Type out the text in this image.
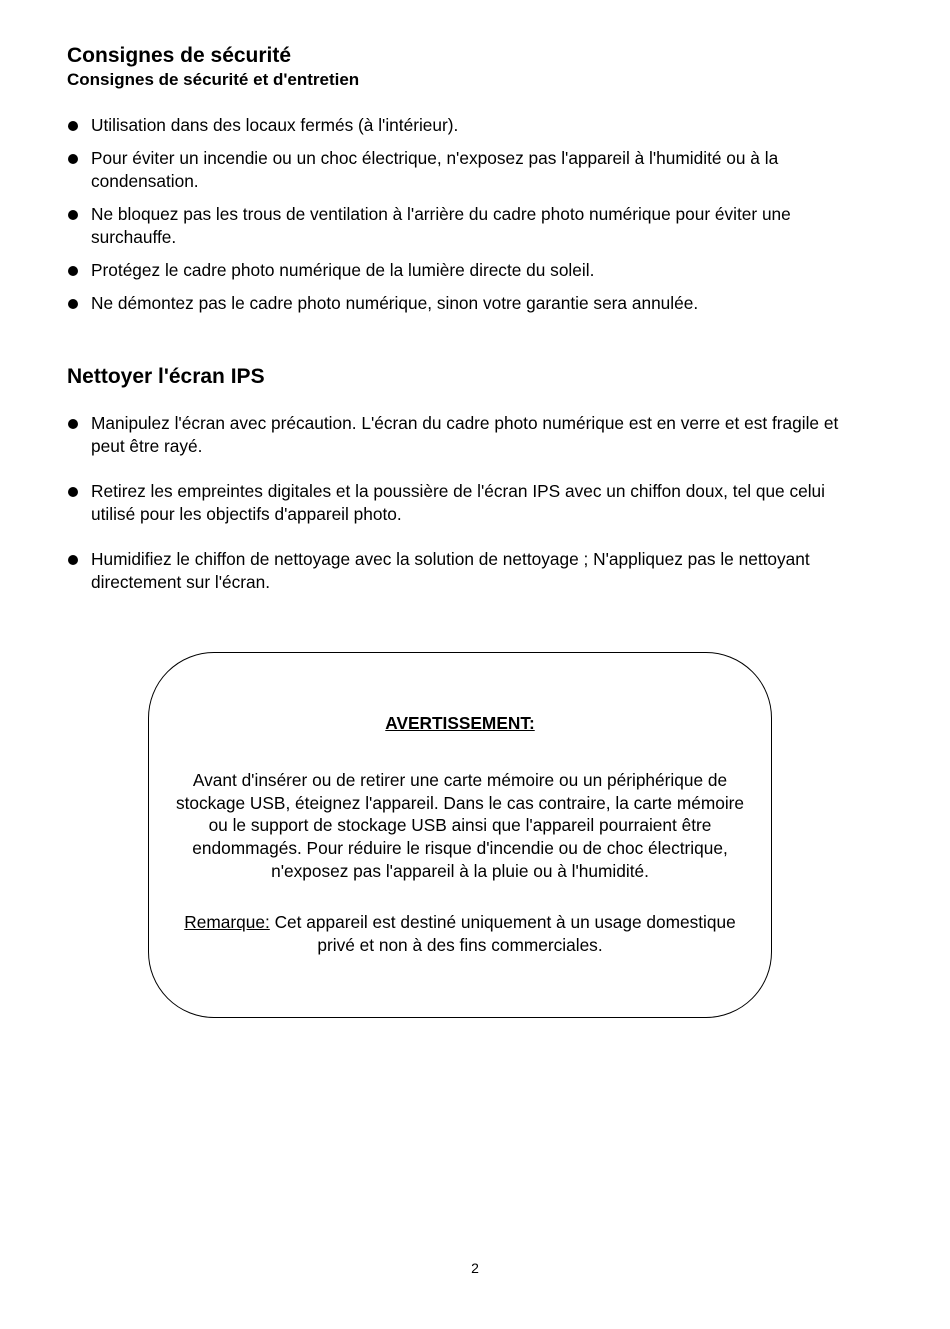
Consignes de sécurité
Consignes de sécurité et d'entretien
Utilisation dans des locaux fermés (à l'intérieur).
Pour éviter un incendie ou un choc électrique, n'exposez pas l'appareil à l'humidité ou à la condensation.
Ne bloquez pas les trous de ventilation à l'arrière du cadre photo numérique pour éviter une surchauffe.
Protégez le cadre photo numérique de la lumière directe du soleil.
Ne démontez pas le cadre photo numérique, sinon votre garantie sera annulée.
Nettoyer l'écran IPS
Manipulez l'écran avec précaution. L'écran du cadre photo numérique est en verre et est fragile et peut être rayé.
Retirez les empreintes digitales et la poussière de l'écran IPS avec un chiffon doux, tel que celui utilisé pour les objectifs d'appareil photo.
Humidifiez le chiffon de nettoyage avec la solution de nettoyage ; N'appliquez pas le nettoyant directement sur l'écran.
AVERTISSEMENT:

Avant d'insérer ou de retirer une carte mémoire ou un périphérique de stockage USB, éteignez l'appareil. Dans le cas contraire, la carte mémoire ou le support de stockage USB ainsi que l'appareil pourraient être endommagés. Pour réduire le risque d'incendie ou de choc électrique, n'exposez pas l'appareil à la pluie ou à l'humidité.

Remarque: Cet appareil est destiné uniquement à un usage domestique privé et non à des fins commerciales.

2
